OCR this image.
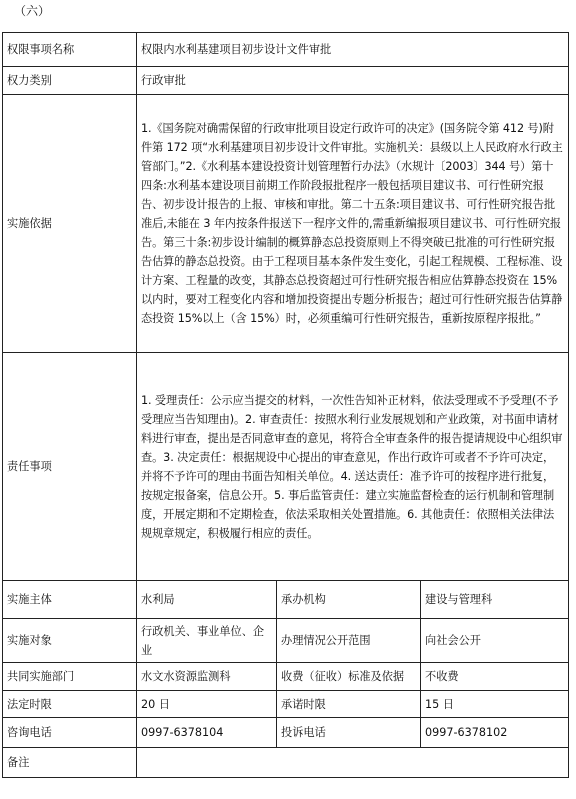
（六）
权限事项名称	权限内水利基建项目初步设计文件审批		
权力类别	行政审批		
实施依据	1.《国务院对确需保留的行政审批项目设定行政许可的决定》(国务院令第 412 号)附件第 172 项“水利基建项目初步设计文件审批。实施机关：县级以上人民政府水行政主管部门。”2.《水利基本建设投资计划管理暂行办法》（水规计〔2003〕344 号）第十四条:水利基本建设项目前期工作阶段报批程序一般包括项目建议书、可行性研究报告、初步设计报告的上报、审核和审批。第二十五条:项目建议书、可行性研究报告批准后,未能在 3 年内按条件报送下一程序文件的,需重新编报项目建议书、可行性研究报告。第三十条:初步设计编制的概算静态总投资原则上不得突破已批准的可行性研究报告估算的静态总投资。由于工程项目基本条件发生变化，引起工程规模、工程标准、设计方案、工程量的改变，其静态总投资超过可行性研究报告相应估算静态投资在 15%以内时，要对工程变化内容和增加投资提出专题分析报告；超过可行性研究报告估算静态投资 15%以上（含 15%）时，必须重编可行性研究报告，重新按原程序报批。”		
责任事项	1. 受理责任：公示应当提交的材料，一次性告知补正材料，依法受理或不予受理(不予受理应当告知理由)。2. 审查责任：按照水利行业发展规划和产业政策，对书面申请材料进行审查，提出是否同意审查的意见，将符合全审查条件的报告提请规设中心组织审查。3. 决定责任：根据规设中心提出的审查意见，作出行政许可或者不予许可决定，并将不予许可的理由书面告知相关单位。4. 送达责任：准予许可的按程序进行批复，按规定报备案，信息公开。5. 事后监管责任：建立实施监督检查的运行机制和管理制度，开展定期和不定期检查，依法采取相关处置措施。6. 其他责任：依照相关法律法规规章规定，积极履行相应的责任。		
实施主体	水利局	承办机构	建设与管理科
实施对象	行政机关、事业单位、企业	办理情况公开范围	向社会公开
共同实施部门	水文水资源监测科	收费（征收）标准及依据	不收费
法定时限	20 日	承诺时限	15 日
咨询电话	0997-6378104	投诉电话	0997-6378102
备注			
